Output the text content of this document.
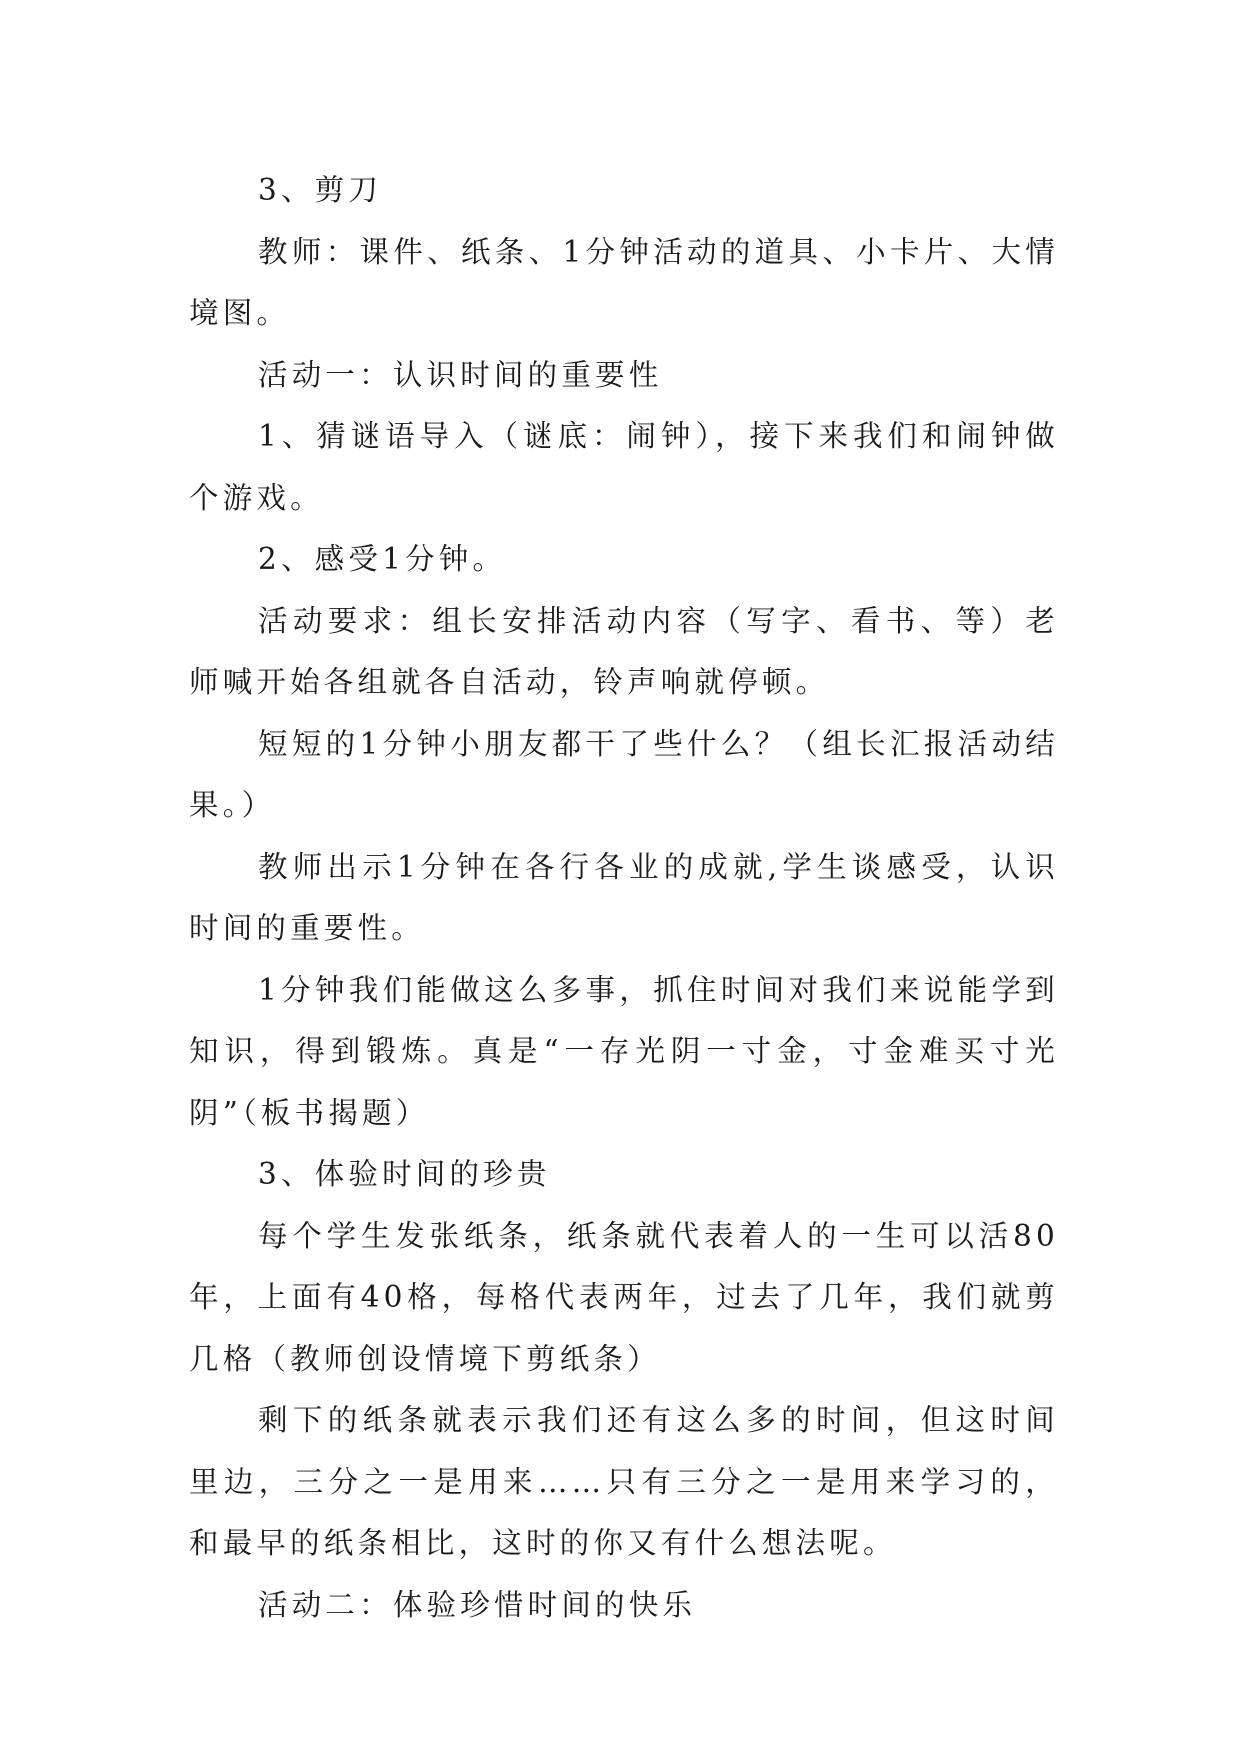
3、剪刀

教师：课件、纸条、1分钟活动的道具、小卡片、大情境图。

活动一：认识时间的重要性

1、猜谜语导入（谜底：闹钟），接下来我们和闹钟做个游戏。

2、感受1分钟。

活动要求：组长安排活动内容（写字、看书、等）老师喊开始各组就各自活动，铃声响就停顿。

短短的1分钟小朋友都干了些什么？（组长汇报活动结果。）

教师出示1分钟在各行各业的成就,学生谈感受，认识时间的重要性。

1分钟我们能做这么多事，抓住时间对我们来说能学到知识，得到锻炼。真是“一存光阴一寸金，寸金难买寸光阴”（板书揭题）

3、体验时间的珍贵

每个学生发张纸条，纸条就代表着人的一生可以活80年，上面有40格，每格代表两年，过去了几年，我们就剪几格（教师创设情境下剪纸条）

剩下的纸条就表示我们还有这么多的时间，但这时间里边，三分之一是用来……只有三分之一是用来学习的，和最早的纸条相比，这时的你又有什么想法呢。

活动二：体验珍惜时间的快乐
